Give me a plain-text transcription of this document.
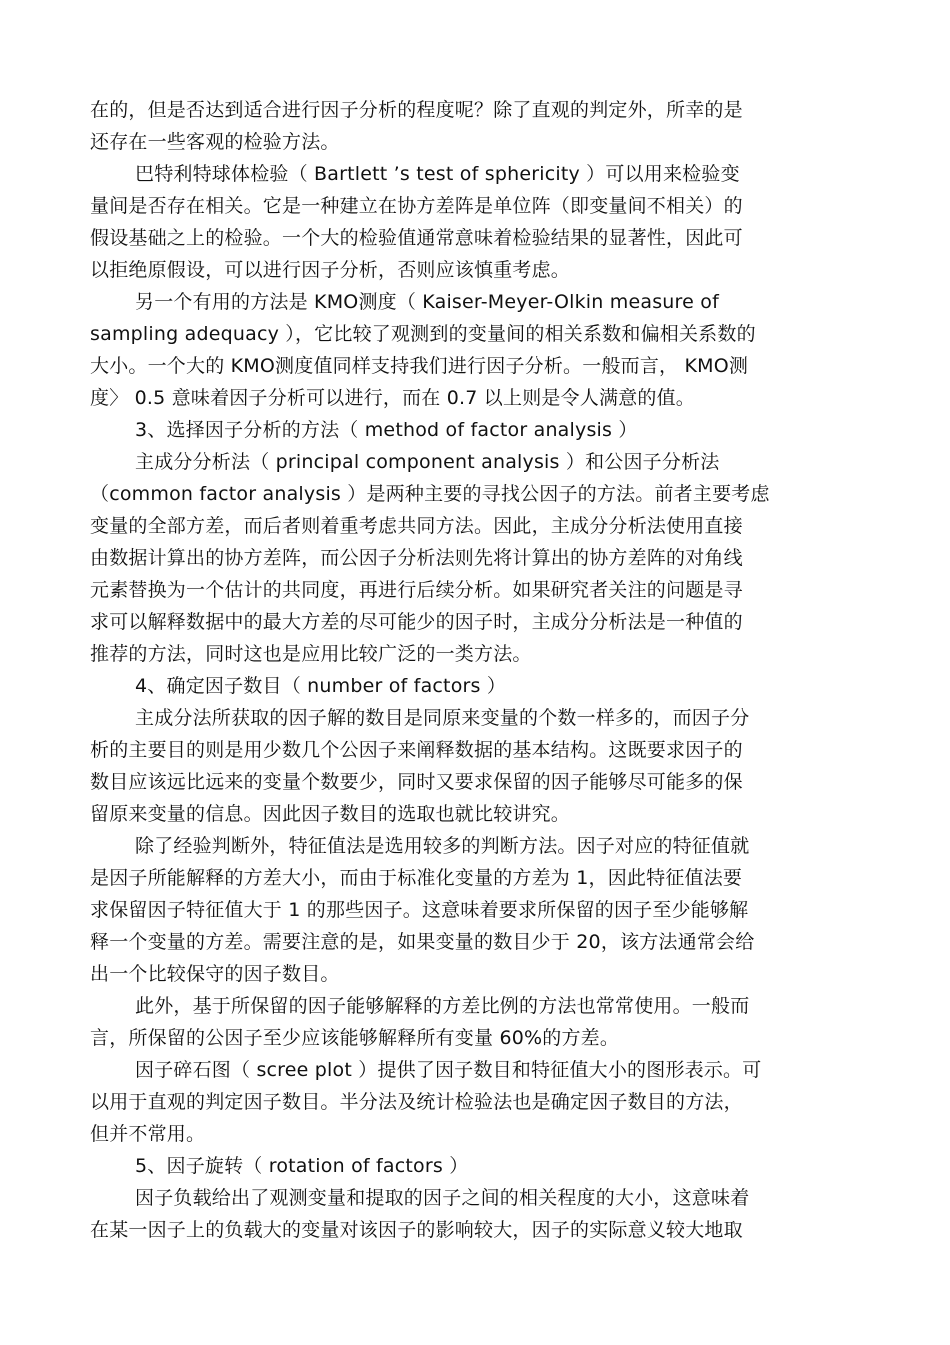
在的，但是否达到适合进行因子分析的程度呢？除了直观的判定外，所幸的是
还存在一些客观的检验方法。
巴特利特球体检验（ Bartlett ’s test of sphericity ）可以用来检验变
量间是否存在相关。它是一种建立在协方差阵是单位阵（即变量间不相关）的
假设基础之上的检验。一个大的检验值通常意味着检验结果的显著性，因此可
以拒绝原假设，可以进行因子分析，否则应该慎重考虑。
另一个有用的方法是 KMO测度（ Kaiser-Meyer-Olkin measure of
sampling adequacy ），它比较了观测到的变量间的相关系数和偏相关系数的
大小。一个大的 KMO测度值同样支持我们进行因子分析。一般而言， KMO测
度〉 0.5 意味着因子分析可以进行，而在 0.7 以上则是令人满意的值。
3、选择因子分析的方法（ method of factor analysis ）
主成分分析法（ principal component analysis ）和公因子分析法
（common factor analysis ）是两种主要的寻找公因子的方法。前者主要考虑
变量的全部方差，而后者则着重考虑共同方法。因此，主成分分析法使用直接
由数据计算出的协方差阵，而公因子分析法则先将计算出的协方差阵的对角线
元素替换为一个估计的共同度，再进行后续分析。如果研究者关注的问题是寻
求可以解释数据中的最大方差的尽可能少的因子时，主成分分析法是一种值的
推荐的方法，同时这也是应用比较广泛的一类方法。
4、确定因子数目（ number of factors ）
主成分法所获取的因子解的数目是同原来变量的个数一样多的，而因子分
析的主要目的则是用少数几个公因子来阐释数据的基本结构。这既要求因子的
数目应该远比远来的变量个数要少，同时又要求保留的因子能够尽可能多的保
留原来变量的信息。因此因子数目的选取也就比较讲究。
除了经验判断外，特征值法是选用较多的判断方法。因子对应的特征值就
是因子所能解释的方差大小，而由于标准化变量的方差为 1，因此特征值法要
求保留因子特征值大于 1 的那些因子。这意味着要求所保留的因子至少能够解
释一个变量的方差。需要注意的是，如果变量的数目少于 20，该方法通常会给
出一个比较保守的因子数目。
此外，基于所保留的因子能够解释的方差比例的方法也常常使用。一般而
言，所保留的公因子至少应该能够解释所有变量 60%的方差。
因子碎石图（ scree plot ）提供了因子数目和特征值大小的图形表示。可
以用于直观的判定因子数目。半分法及统计检验法也是确定因子数目的方法，
但并不常用。
5、因子旋转（ rotation of factors ）
因子负载给出了观测变量和提取的因子之间的相关程度的大小，这意味着
在某一因子上的负载大的变量对该因子的影响较大，因子的实际意义较大地取
